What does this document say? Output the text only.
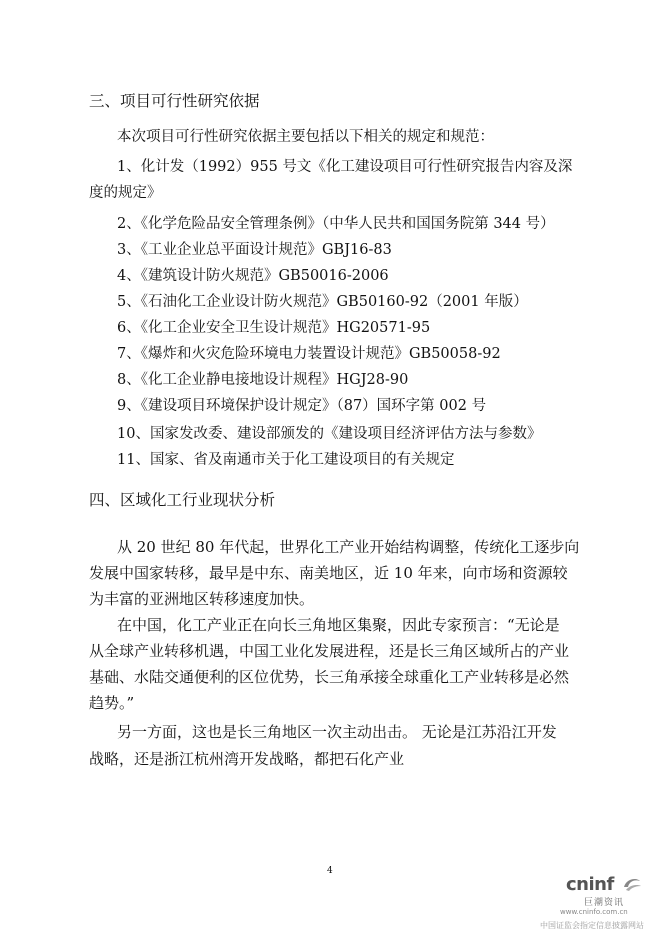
三、项目可行性研究依据
本次项目可行性研究依据主要包括以下相关的规定和规范：
1、化计发（1992）955 号文《化工建设项目可行性研究报告内容及深
度的规定》
2、《化学危险品安全管理条例》（中华人民共和国国务院第 344 号）
3、《工业企业总平面设计规范》GBJ16-83
4、《建筑设计防火规范》GB50016-2006
5、《石油化工企业设计防火规范》GB50160-92（2001 年版）
6、《化工企业安全卫生设计规范》HG20571-95
7、《爆炸和火灾危险环境电力装置设计规范》GB50058-92
8、《化工企业静电接地设计规程》HGJ28-90
9、《建设项目环境保护设计规定》（87）国环字第 002 号
10、国家发改委、建设部颁发的《建设项目经济评估方法与参数》
11、国家、省及南通市关于化工建设项目的有关规定
四、区域化工行业现状分析
从 20 世纪 80 年代起，世界化工产业开始结构调整，传统化工逐步向
发展中国家转移，最早是中东、南美地区，近 10 年来，向市场和资源较
为丰富的亚洲地区转移速度加快。
在中国，化工产业正在向长三角地区集聚，因此专家预言：“无论是
从全球产业转移机遇，中国工业化发展进程，还是长三角区域所占的产业
基础、水陆交通便利的区位优势，长三角承接全球重化工产业转移是必然
趋势。”
另一方面，这也是长三角地区一次主动出击。 无论是江苏沿江开发
战略，还是浙江杭州湾开发战略，都把石化产业
4
cninf
巨潮资讯
www.cninfo.com.cn
中国证监会指定信息披露网站
